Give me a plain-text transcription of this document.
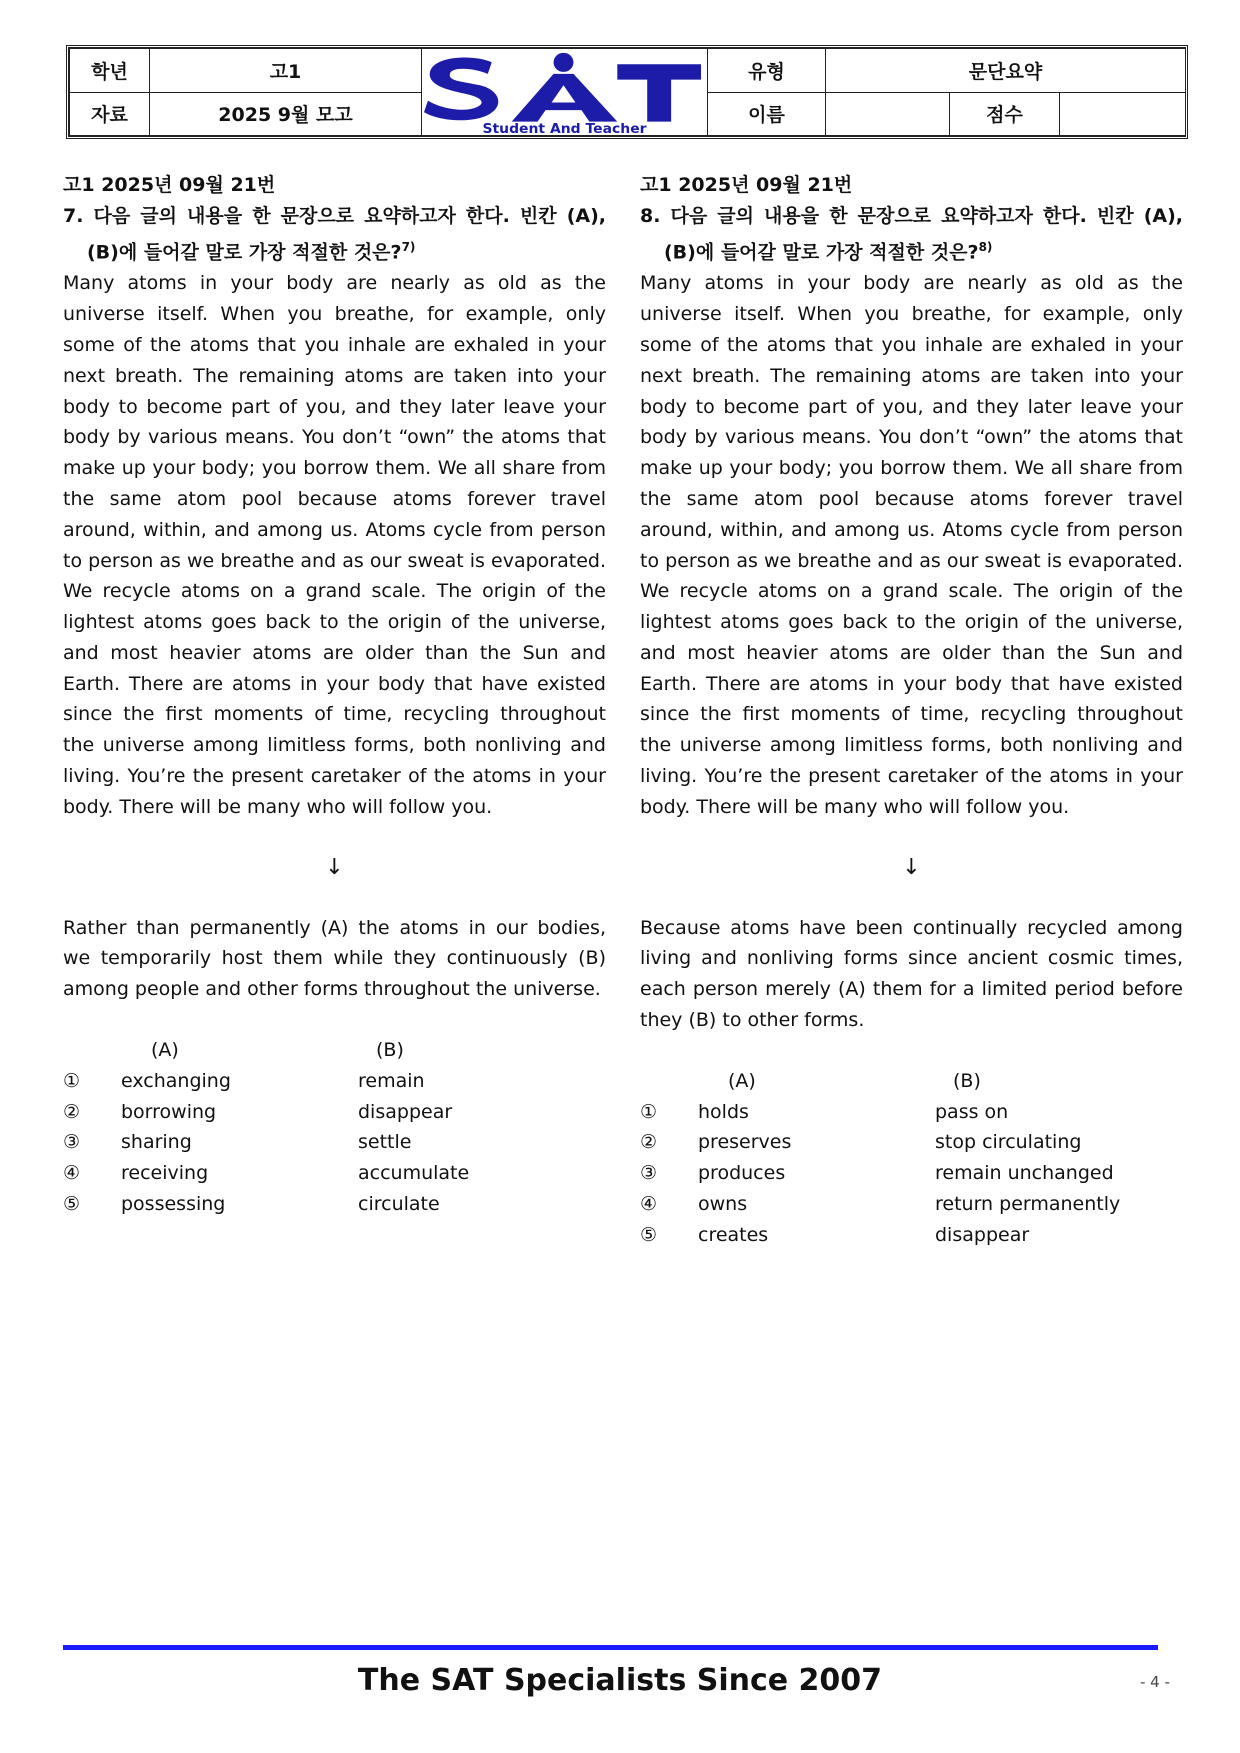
학년	고1	Student And Teacher	유형	문단요약		
자료	2025 9월 모고		이름		점수	
고1 2025년 09월 21번
7. 다음 글의 내용을 한 문장으로 요약하고자 한다. 빈칸 (A), (B)에 들어갈 말로 가장 적절한 것은?$^{7)}$
Many atoms in your body are nearly as old as the universe itself. When you breathe, for example, only some of the atoms that you inhale are exhaled in your next breath. The remaining atoms are taken into your body to become part of you, and they later leave your body by various means. You don’t “own” the atoms that make up your body; you borrow them. We all share from the same atom pool because atoms forever travel around, within, and among us. Atoms cycle from person to person as we breathe and as our sweat is evaporated. We recycle atoms on a grand scale. The origin of the lightest atoms goes back to the origin of the universe, and most heavier atoms are older than the Sun and Earth. There are atoms in your body that have existed since the first moments of time, recycling throughout the universe among limitless forms, both nonliving and living. You’re the present caretaker of the atoms in your body. There will be many who will follow you.
↓
Rather than permanently (A) the atoms in our bodies, we temporarily host them while they continuously (B) among people and other forms throughout the universe.
(A)	(B)
①	exchanging	remain
②	borrowing	disappear
③	sharing	settle
④	receiving	accumulate
⑤	possessing	circulate
고1 2025년 09월 21번
8. 다음 글의 내용을 한 문장으로 요약하고자 한다. 빈칸 (A), (B)에 들어갈 말로 가장 적절한 것은?$^{8)}$
Many atoms in your body are nearly as old as the universe itself. When you breathe, for example, only some of the atoms that you inhale are exhaled in your next breath. The remaining atoms are taken into your body to become part of you, and they later leave your body by various means. You don’t “own” the atoms that make up your body; you borrow them. We all share from the same atom pool because atoms forever travel around, within, and among us. Atoms cycle from person to person as we breathe and as our sweat is evaporated. We recycle atoms on a grand scale. The origin of the lightest atoms goes back to the origin of the universe, and most heavier atoms are older than the Sun and Earth. There are atoms in your body that have existed since the first moments of time, recycling throughout the universe among limitless forms, both nonliving and living. You’re the present caretaker of the atoms in your body. There will be many who will follow you.
↓
Because atoms have been continually recycled among living and nonliving forms since ancient cosmic times, each person merely (A) them for a limited period before they (B) to other forms.
(A)	(B)
①	holds	pass on
②	preserves	stop circulating
③	produces	remain unchanged
④	owns	return permanently
⑤	creates	disappear
The SAT Specialists Since 2007	- 4 -
